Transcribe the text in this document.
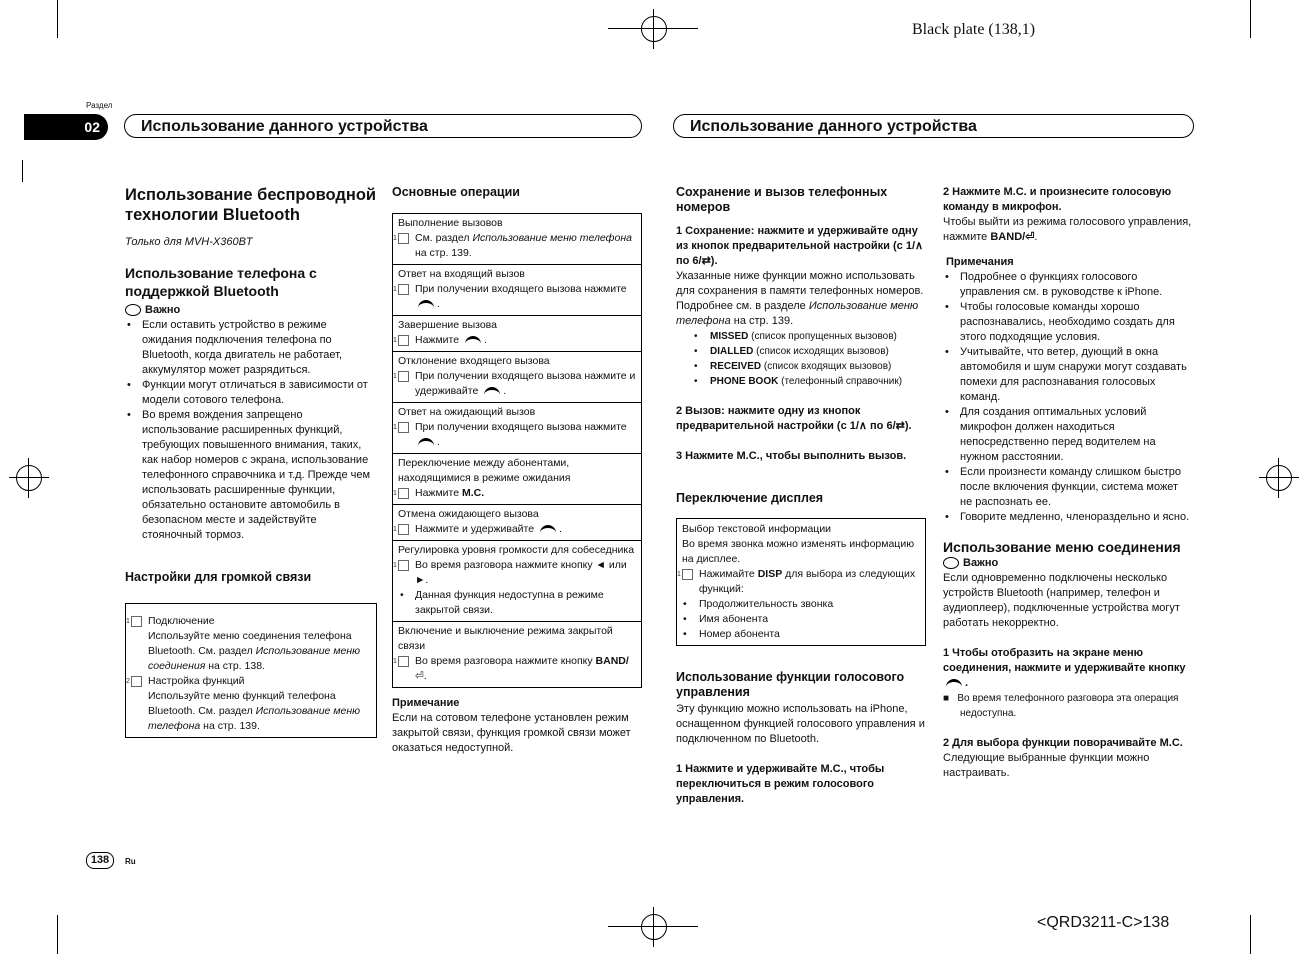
Black plate (138,1)
<QRD3211-C>138
Раздел
02	Использование данного устройства	Использование данного устройства
138	Ru
Использование беспроводной технологии Bluetooth
Только для MVH-X360BT
Использование телефона с поддержкой Bluetooth
Важно
• Если оставить устройство в режиме ожидания подключения телефона по Bluetooth, когда двигатель не работает, аккумулятор может разрядиться.
• Функции могут отличаться в зависимости от модели сотового телефона.
• Во время вождения запрещено использование расширенных функций, требующих повышенного внимания, таких, как набор номеров с экрана, использование телефонного справочника и т.д. Прежде чем использовать расширенные функции, обязательно остановите автомобиль в безопасном месте и задействуйте стояночный тормоз.
Настройки для громкой связи
1 Подключение
Используйте меню соединения телефона Bluetooth. См. раздел Использование меню соединения на стр. 138.
2 Настройка функций
Используйте меню функций телефона Bluetooth. См. раздел Использование меню телефона на стр. 139.
Основные операции
Выполнение вызовов
1 См. раздел Использование меню телефона на стр. 139.
Ответ на входящий вызов
1 При получении входящего вызова нажмите .
Завершение вызова
1 Нажмите .
Отклонение входящего вызова
1 При получении входящего вызова нажмите и удерживайте .
Ответ на ожидающий вызов
1 При получении входящего вызова нажмите .
Переключение между абонентами, находящимися в режиме ожидания
1 Нажмите M.C.
Отмена ожидающего вызова
1 Нажмите и удерживайте .
Регулировка уровня громкости для собеседника
1 Во время разговора нажмите кнопку ◄ или ►.
• Данная функция недоступна в режиме закрытой связи.
Включение и выключение режима закрытой связи
1 Во время разговора нажмите кнопку BAND/⏎.
Примечание
Если на сотовом телефоне установлен режим закрытой связи, функция громкой связи может оказаться недоступной.
Сохранение и вызов телефонных номеров
1 Сохранение: нажмите и удерживайте одну из кнопок предварительной настройки (с 1/∧ по 6/⇄).
Указанные ниже функции можно использовать для сохранения в памяти телефонных номеров. Подробнее см. в разделе Использование меню телефона на стр. 139.
• MISSED (список пропущенных вызовов)
• DIALLED (список исходящих вызовов)
• RECEIVED (список входящих вызовов)
• PHONE BOOK (телефонный справочник)
2 Вызов: нажмите одну из кнопок предварительной настройки (с 1/∧ по 6/⇄).
3 Нажмите M.C., чтобы выполнить вызов.
Переключение дисплея
Выбор текстовой информации
Во время звонка можно изменять информацию на дисплее.
1 Нажимайте DISP для выбора из следующих функций:
• Продолжительность звонка
• Имя абонента
• Номер абонента
Использование функции голосового управления
Эту функцию можно использовать на iPhone, оснащенном функцией голосового управления и подключенном по Bluetooth.
1 Нажмите и удерживайте M.C., чтобы переключиться в режим голосового управления.
2 Нажмите M.C. и произнесите голосовую команду в микрофон.
Чтобы выйти из режима голосового управления, нажмите BAND/⏎.
Примечания
• Подробнее о функциях голосового управления см. в руководстве к iPhone.
• Чтобы голосовые команды хорошо распознавались, необходимо создать для этого подходящие условия.
• Учитывайте, что ветер, дующий в окна автомобиля и шум снаружи могут создавать помехи для распознавания голосовых команд.
• Для создания оптимальных условий микрофон должен находиться непосредственно перед водителем на нужном расстоянии.
• Если произнести команду слишком быстро после включения функции, система может не распознать ее.
• Говорите медленно, членораздельно и ясно.
Использование меню соединения
Важно
Если одновременно подключены несколько устройств Bluetooth (например, телефон и аудиоплеер), подключенные устройства могут работать некорректно.
1 Чтобы отобразить на экране меню соединения, нажмите и удерживайте кнопку .
■   Во время телефонного разговора эта операция недоступна.
2 Для выбора функции поворачивайте M.C.
Следующие выбранные функции можно настраивать.
